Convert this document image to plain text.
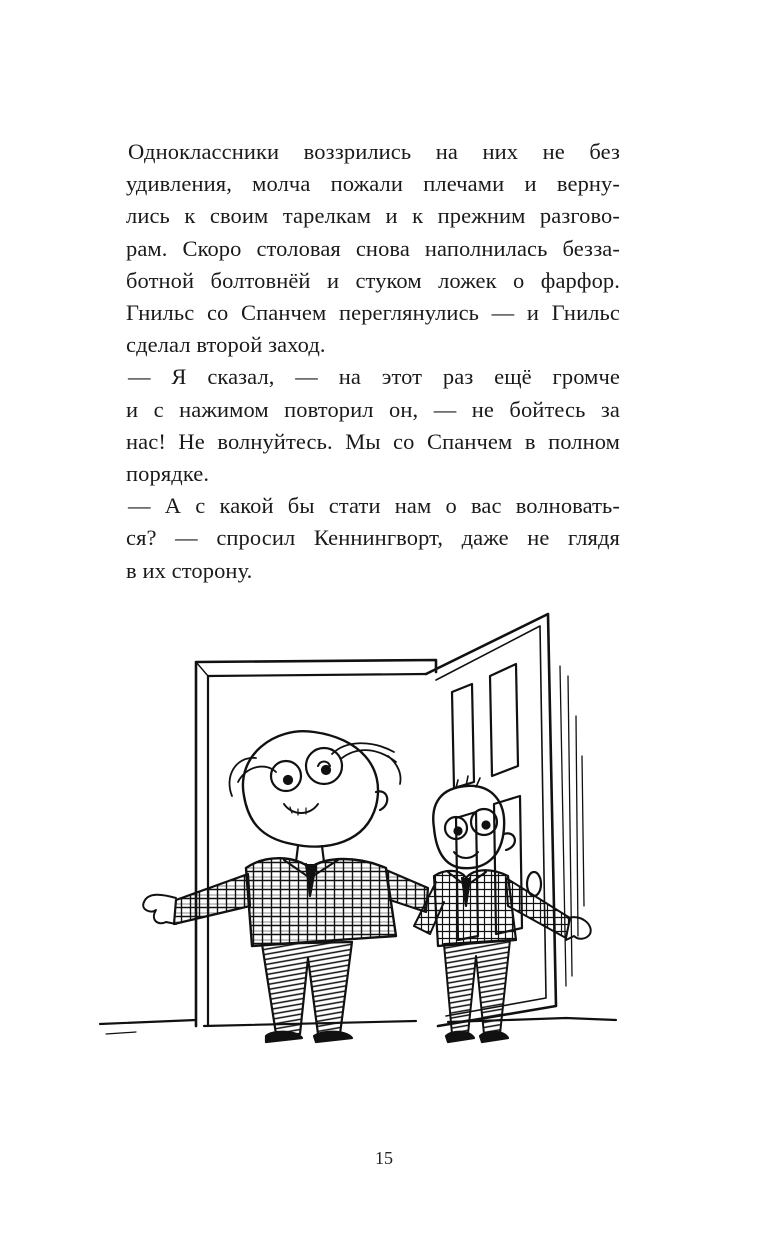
Одноклассники воззрились на них не без
удивления, молча пожали плечами и верну-
лись к своим тарелкам и к прежним разгово-
рам. Скоро столовая снова наполнилась безза-
ботной болтовнёй и стуком ложек о фарфор.
Гнильс со Спанчем переглянулись — и Гнильс
сделал второй заход.

— Я сказал, — на этот раз ещё громче
и с нажимом повторил он, — не бойтесь за
нас! Не волнуйтесь. Мы со Спанчем в полном
порядке.

— А с какой бы стати нам о вас волновать-
ся? — спросил Кеннингворт, даже не глядя
в их сторону.

15
